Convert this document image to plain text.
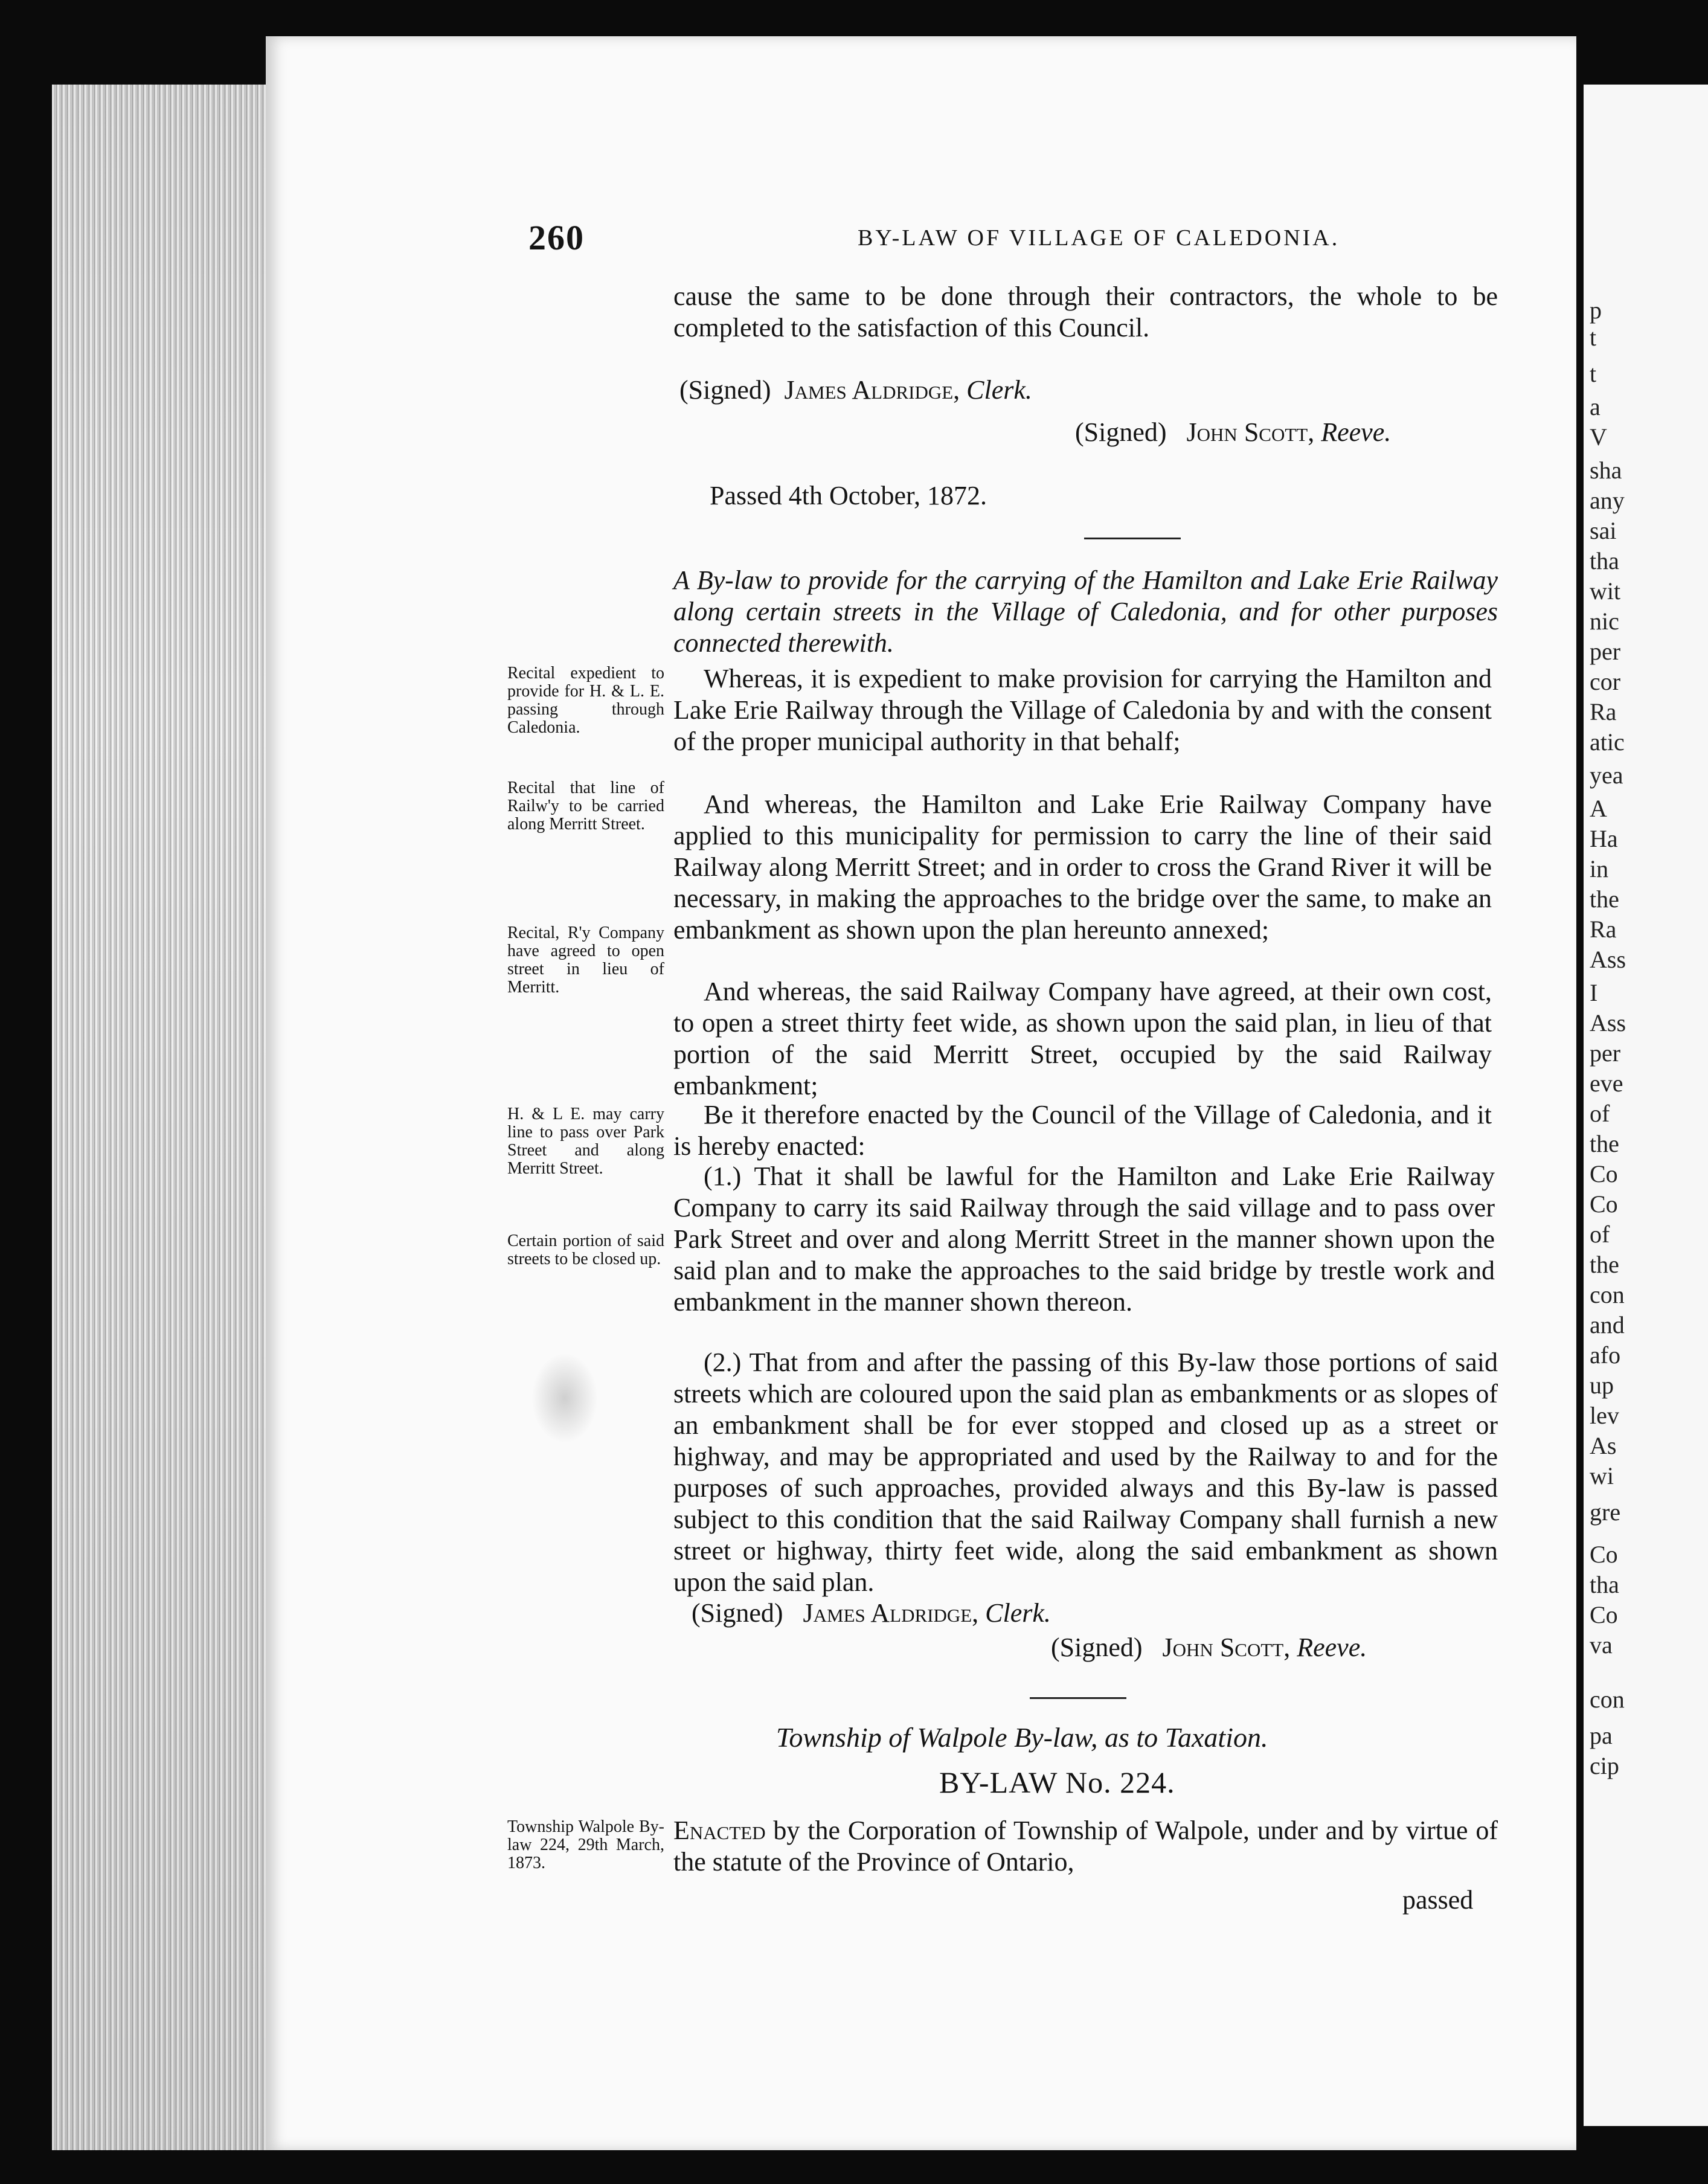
p
t
t
a
V
sha
any
sai
tha
wit
nic
per
cor
Ra
atic
yea
A
Ha
in
the
Ra
Ass
I
Ass
per
eve
of
the
Co
Co
of
the
con
and
afo
up
lev
As
wi
gre
Co
tha
Co
va
con
pa
cip
260	BY-LAW OF VILLAGE OF CALEDONIA.
cause the same to be done through their contractors, the whole to be completed to the satisfaction of this Council.
(Signed) James Aldridge, Clerk.
(Signed) John Scott, Reeve.
Passed 4th October, 1872.
A By-law to provide for the carrying of the Hamilton and Lake Erie Railway along certain streets in the Village of Caledonia, and for other purposes connected therewith.
Whereas, it is expedient to make provision for carrying the Hamilton and Lake Erie Railway through the Village of Caledonia by and with the consent of the proper municipal authority in that behalf;
And whereas, the Hamilton and Lake Erie Railway Company have applied to this municipality for permission to carry the line of their said Railway along Merritt Street; and in order to cross the Grand River it will be necessary, in making the approaches to the bridge over the same, to make an embankment as shown upon the plan hereunto annexed;
And whereas, the said Railway Company have agreed, at their own cost, to open a street thirty feet wide, as shown upon the said plan, in lieu of that portion of the said Merritt Street, occupied by the said Railway embankment;
Be it therefore enacted by the Council of the Village of Caledonia, and it is hereby enacted:
(1.) That it shall be lawful for the Hamilton and Lake Erie Railway Company to carry its said Railway through the said village and to pass over Park Street and over and along Merritt Street in the manner shown upon the said plan and to make the approaches to the said bridge by trestle work and embankment in the manner shown thereon.
(2.) That from and after the passing of this By-law those portions of said streets which are coloured upon the said plan as embankments or as slopes of an embankment shall be for ever stopped and closed up as a street or highway, and may be appropriated and used by the Railway to and for the purposes of such approaches, provided always and this By-law is passed subject to this condition that the said Railway Company shall furnish a new street or highway, thirty feet wide, along the said embankment as shown upon the said plan.
(Signed) James Aldridge, Clerk.
(Signed) John Scott, Reeve.
Township of Walpole By-law, as to Taxation.
BY-LAW No. 224.
Enacted by the Corporation of Township of Walpole, under and by virtue of the statute of the Province of Ontario,
passed
Recital expedient to provide for H. & L. E. passing through Caledonia.
Recital that line of Railw'y to be carried along Merritt Street.
Recital, R'y Company have agreed to open street in lieu of Merritt.
H. & L E. may carry line to pass over Park Street and along Merritt Street.
Certain portion of said streets to be closed up.
Township Walpole By-law 224, 29th March, 1873.
